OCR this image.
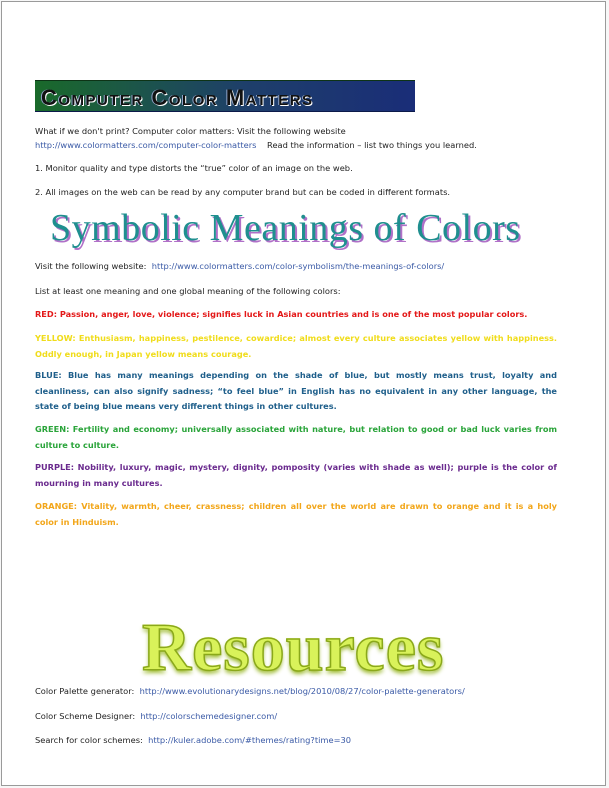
Computer Color Matters
What if we don't print? Computer color matters: Visit the following website
http://www.colormatters.com/computer-color-matters Read the information – list two things you learned.
1. Monitor quality and type distorts the “true” color of an image on the web.
2. All images on the web can be read by any computer brand but can be coded in different formats.
Symbolic Meanings of Colors
Visit the following website: http://www.colormatters.com/color-symbolism/the-meanings-of-colors/
List at least one meaning and one global meaning of the following colors:
RED: Passion, anger, love, violence; signifies luck in Asian countries and is one of the most popular colors.
YELLOW: Enthusiasm, happiness, pestilence, cowardice; almost every culture associates yellow with happiness. Oddly enough, in Japan yellow means courage.
BLUE: Blue has many meanings depending on the shade of blue, but mostly means trust, loyalty and cleanliness, can also signify sadness; “to feel blue” in English has no equivalent in any other language, the state of being blue means very different things in other cultures.
GREEN: Fertility and economy; universally associated with nature, but relation to good or bad luck varies from culture to culture.
PURPLE: Nobility, luxury, magic, mystery, dignity, pomposity (varies with shade as well); purple is the color of mourning in many cultures.
ORANGE: Vitality, warmth, cheer, crassness; children all over the world are drawn to orange and it is a holy color in Hinduism.
Resources
Color Palette generator: http://www.evolutionarydesigns.net/blog/2010/08/27/color-palette-generators/
Color Scheme Designer: http://colorschemedesigner.com/
Search for color schemes: http://kuler.adobe.com/#themes/rating?time=30
